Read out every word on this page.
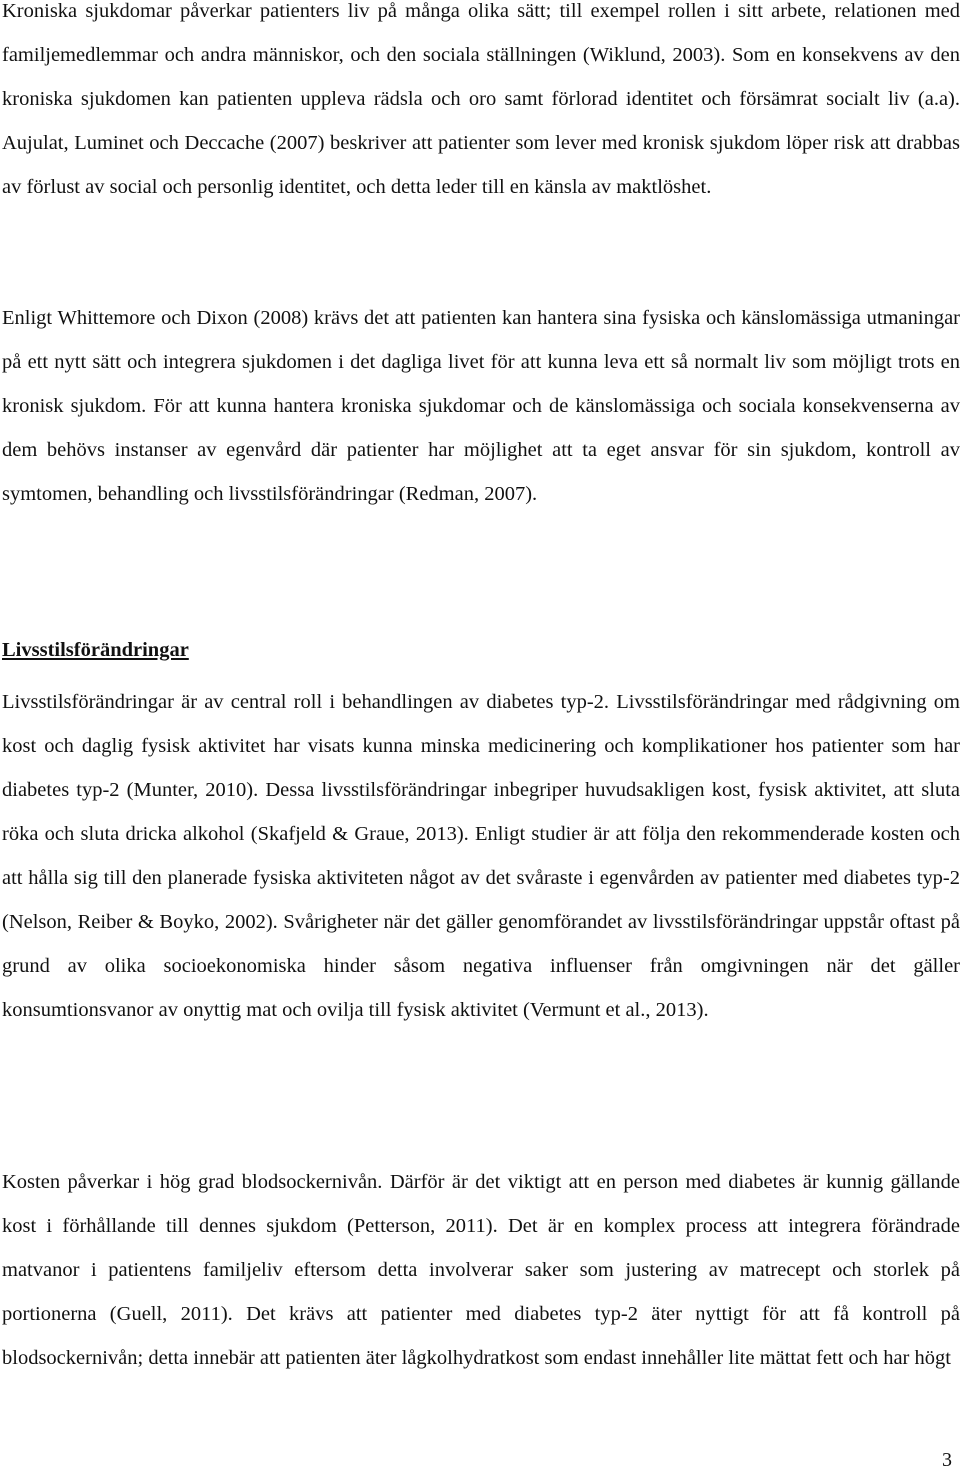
Kroniska sjukdomar påverkar patienters liv på många olika sätt; till exempel rollen i sitt arbete, relationen med familjemedlemmar och andra människor, och den sociala ställningen (Wiklund, 2003). Som en konsekvens av den kroniska sjukdomen kan patienten uppleva rädsla och oro samt förlorad identitet och försämrat socialt liv (a.a). Aujulat, Luminet och Deccache (2007) beskriver att patienter som lever med kronisk sjukdom löper risk att drabbas av förlust av social och personlig identitet, och detta leder till en känsla av maktlöshet.

Enligt Whittemore och Dixon (2008) krävs det att patienten kan hantera sina fysiska och känslomässiga utmaningar på ett nytt sätt och integrera sjukdomen i det dagliga livet för att kunna leva ett så normalt liv som möjligt trots en kronisk sjukdom. För att kunna hantera kroniska sjukdomar och de känslomässiga och sociala konsekvenserna av dem behövs instanser av egenvård där patienter har möjlighet att ta eget ansvar för sin sjukdom, kontroll av symtomen, behandling och livsstilsförändringar (Redman, 2007).

Livsstilsförändringar

Livsstilsförändringar är av central roll i behandlingen av diabetes typ-2. Livsstilsförändringar med rådgivning om kost och daglig fysisk aktivitet har visats kunna minska medicinering och komplikationer hos patienter som har diabetes typ-2 (Munter, 2010). Dessa livsstilsförändringar inbegriper huvudsakligen kost, fysisk aktivitet, att sluta röka och sluta dricka alkohol (Skafjeld & Graue, 2013). Enligt studier är att följa den rekommenderade kosten och att hålla sig till den planerade fysiska aktiviteten något av det svåraste i egenvården av patienter med diabetes typ-2 (Nelson, Reiber & Boyko, 2002). Svårigheter när det gäller genomförandet av livsstilsförändringar uppstår oftast på grund av olika socioekonomiska hinder såsom negativa influenser från omgivningen när det gäller konsumtionsvanor av onyttig mat och ovilja till fysisk aktivitet (Vermunt et al., 2013).

Kosten påverkar i hög grad blodsockernivån. Därför är det viktigt att en person med diabetes är kunnig gällande kost i förhållande till dennes sjukdom (Petterson, 2011). Det är en komplex process att integrera förändrade matvanor i patientens familjeliv eftersom detta involverar saker som justering av matrecept och storlek på portionerna (Guell, 2011). Det krävs att patienter med diabetes typ-2 äter nyttigt för att få kontroll på blodsockernivån; detta innebär att patienten äter lågkolhydratkost som endast innehåller lite mättat fett och har högt

3
